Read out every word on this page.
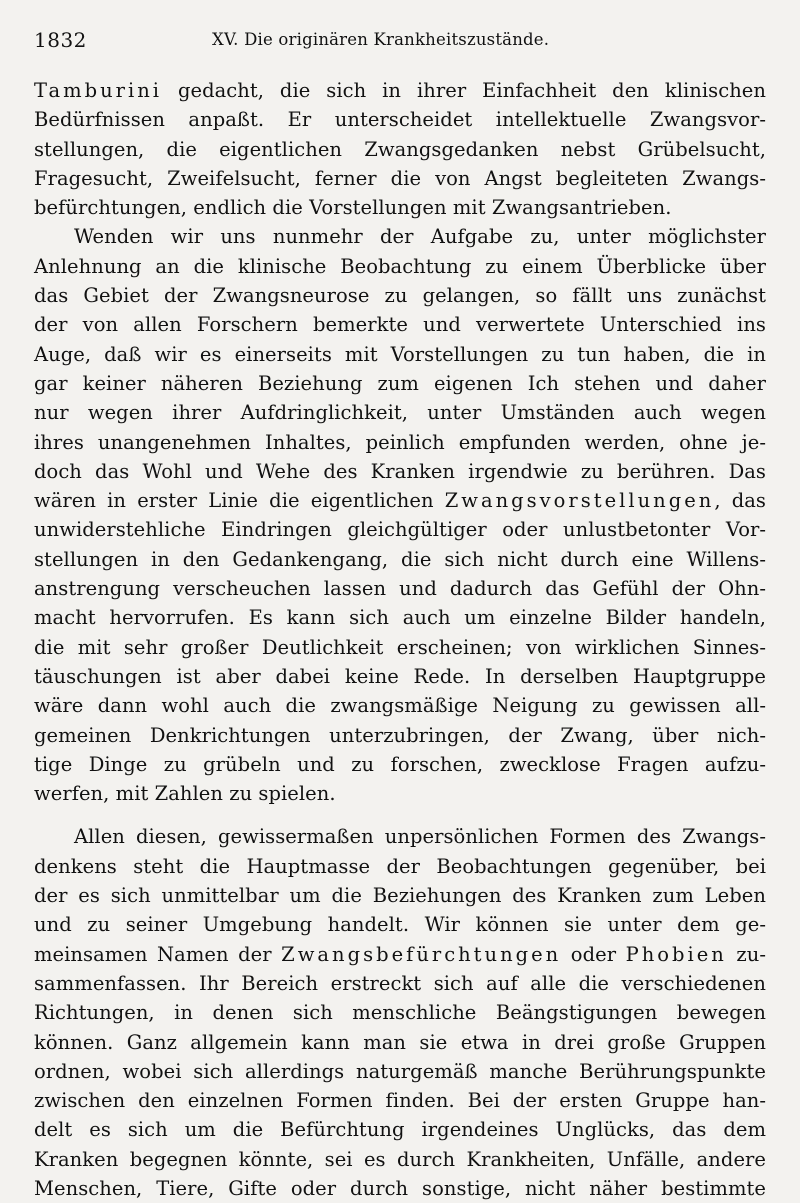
1832	XV. Die originären Krankheitszustände.
Tamburini gedacht, die sich in ihrer Einfachheit den klinischen
Bedürfnissen anpaßt. Er unterscheidet intellektuelle Zwangsvor-
stellungen, die eigentlichen Zwangsgedanken nebst Grübelsucht,
Fragesucht, Zweifelsucht, ferner die von Angst begleiteten Zwangs-
befürchtungen, endlich die Vorstellungen mit Zwangsantrieben.
Wenden wir uns nunmehr der Aufgabe zu, unter möglichster
Anlehnung an die klinische Beobachtung zu einem Überblicke über
das Gebiet der Zwangsneurose zu gelangen, so fällt uns zunächst
der von allen Forschern bemerkte und verwertete Unterschied ins
Auge, daß wir es einerseits mit Vorstellungen zu tun haben, die in
gar keiner näheren Beziehung zum eigenen Ich stehen und daher
nur wegen ihrer Aufdringlichkeit, unter Umständen auch wegen
ihres unangenehmen Inhaltes, peinlich empfunden werden, ohne je-
doch das Wohl und Wehe des Kranken irgendwie zu berühren. Das
wären in erster Linie die eigentlichen Zwangsvorstellungen, das
unwiderstehliche Eindringen gleichgültiger oder unlustbetonter Vor-
stellungen in den Gedankengang, die sich nicht durch eine Willens-
anstrengung verscheuchen lassen und dadurch das Gefühl der Ohn-
macht hervorrufen. Es kann sich auch um einzelne Bilder handeln,
die mit sehr großer Deutlichkeit erscheinen; von wirklichen Sinnes-
täuschungen ist aber dabei keine Rede. In derselben Hauptgruppe
wäre dann wohl auch die zwangsmäßige Neigung zu gewissen all-
gemeinen Denkrichtungen unterzubringen, der Zwang, über nich-
tige Dinge zu grübeln und zu forschen, zwecklose Fragen aufzu-
werfen, mit Zahlen zu spielen.
Allen diesen, gewissermaßen unpersönlichen Formen des Zwangs-
denkens steht die Hauptmasse der Beobachtungen gegenüber, bei
der es sich unmittelbar um die Beziehungen des Kranken zum Leben
und zu seiner Umgebung handelt. Wir können sie unter dem ge-
meinsamen Namen der Zwangsbefürchtungen oder Phobien zu-
sammenfassen. Ihr Bereich erstreckt sich auf alle die verschiedenen
Richtungen, in denen sich menschliche Beängstigungen bewegen
können. Ganz allgemein kann man sie etwa in drei große Gruppen
ordnen, wobei sich allerdings naturgemäß manche Berührungspunkte
zwischen den einzelnen Formen finden. Bei der ersten Gruppe han-
delt es sich um die Befürchtung irgendeines Unglücks, das dem
Kranken begegnen könnte, sei es durch Krankheiten, Unfälle, andere
Menschen, Tiere, Gifte oder durch sonstige, nicht näher bestimmte
